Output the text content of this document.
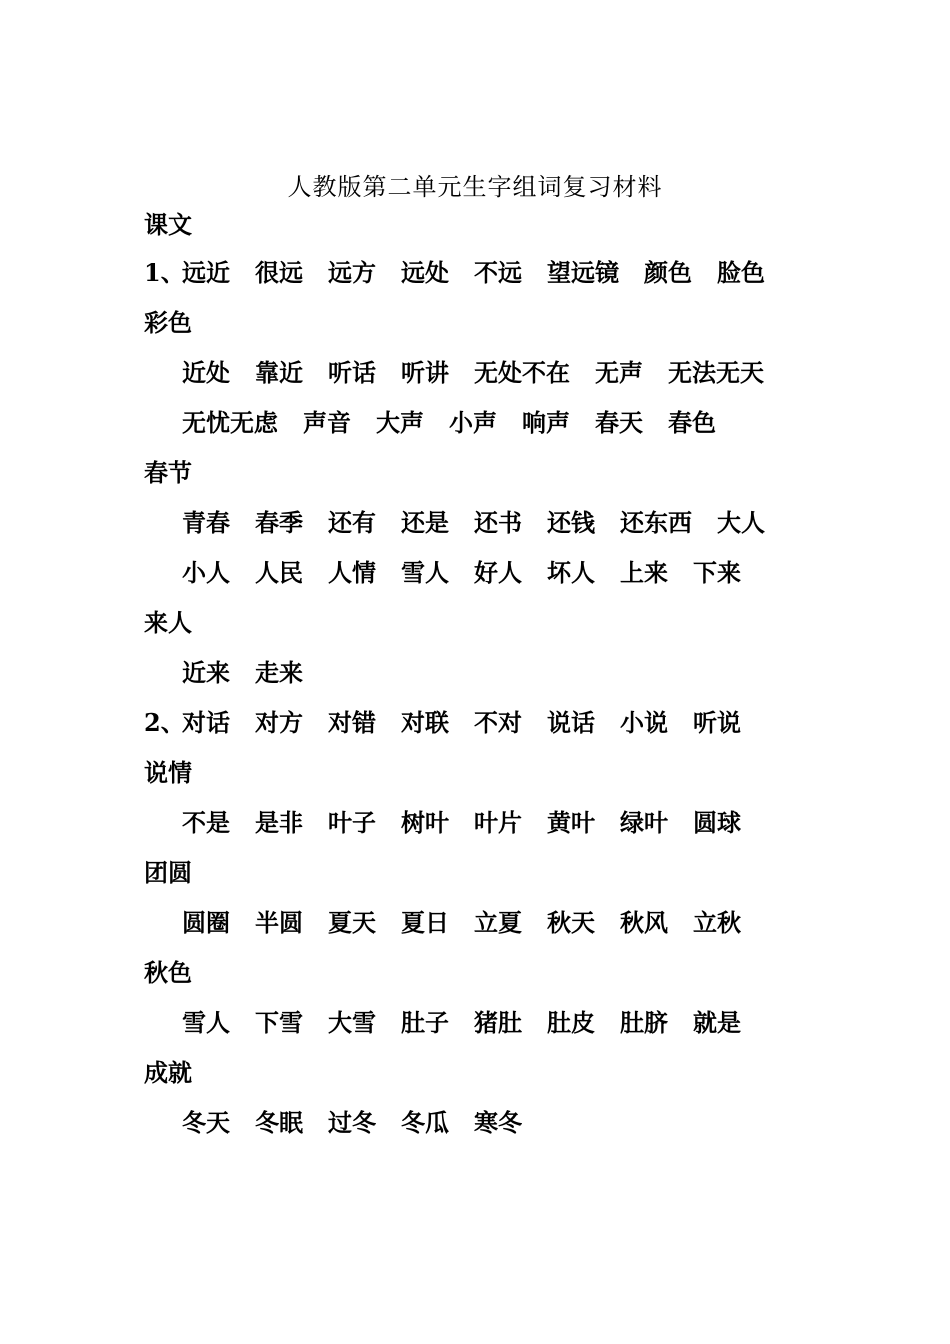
人教版第二单元生字组词复习材料
课文
1、远近 很远 远方 远处 不远 望远镜 颜色 脸色
彩色
近处 靠近 听话 听讲 无处不在 无声 无法无天
无忧无虑 声音 大声 小声 响声 春天 春色
春节
青春 春季 还有 还是 还书 还钱 还东西 大人
小人 人民 人情 雪人 好人 坏人 上来 下来
来人
近来 走来
2、对话 对方 对错 对联 不对 说话 小说 听说
说情
不是 是非 叶子 树叶 叶片 黄叶 绿叶 圆球
团圆
圆圈 半圆 夏天 夏日 立夏 秋天 秋风 立秋
秋色
雪人 下雪 大雪 肚子 猪肚 肚皮 肚脐 就是
成就
冬天 冬眠 过冬 冬瓜 寒冬
